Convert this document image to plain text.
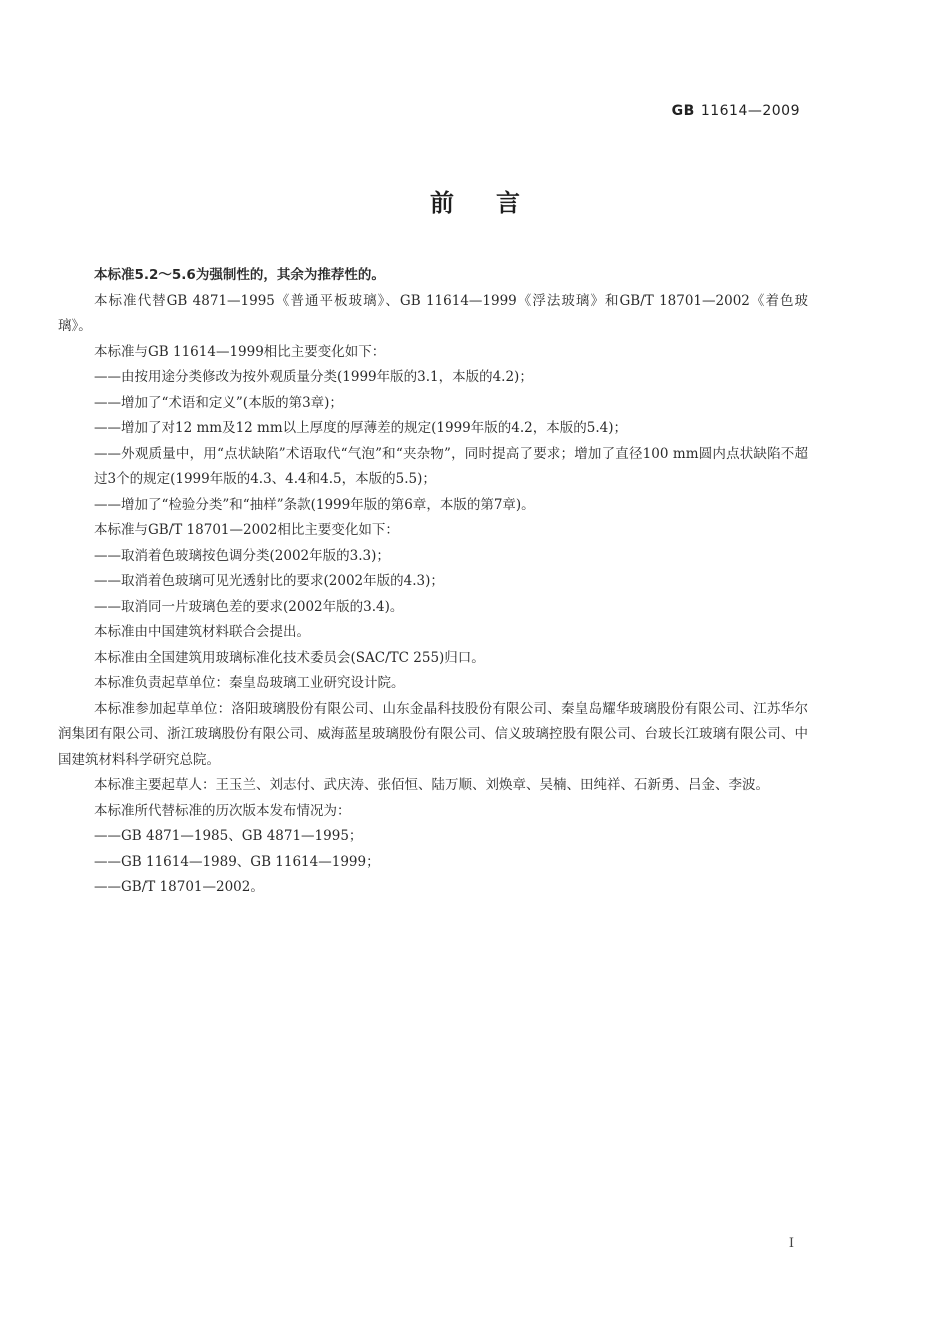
GB 11614—2009
前言

本标准5.2～5.6为强制性的，其余为推荐性的。

本标准代替GB 4871—1995《普通平板玻璃》、GB 11614—1999《浮法玻璃》和GB/T 18701—2002《着色玻璃》。

本标准与GB 11614—1999相比主要变化如下：

——由按用途分类修改为按外观质量分类(1999年版的3.1，本版的4.2)；

——增加了“术语和定义”(本版的第3章)；

——增加了对12 mm及12 mm以上厚度的厚薄差的规定(1999年版的4.2，本版的5.4)；

——外观质量中，用“点状缺陷”术语取代“气泡”和“夹杂物”，同时提高了要求；增加了直径100 mm圆内点状缺陷不超过3个的规定(1999年版的4.3、4.4和4.5，本版的5.5)；

——增加了“检验分类”和“抽样”条款(1999年版的第6章，本版的第7章)。

本标准与GB/T 18701—2002相比主要变化如下：

——取消着色玻璃按色调分类(2002年版的3.3)；

——取消着色玻璃可见光透射比的要求(2002年版的4.3)；

——取消同一片玻璃色差的要求(2002年版的3.4)。

本标准由中国建筑材料联合会提出。

本标准由全国建筑用玻璃标准化技术委员会(SAC/TC 255)归口。

本标准负责起草单位：秦皇岛玻璃工业研究设计院。

本标准参加起草单位：洛阳玻璃股份有限公司、山东金晶科技股份有限公司、秦皇岛耀华玻璃股份有限公司、江苏华尔润集团有限公司、浙江玻璃股份有限公司、威海蓝星玻璃股份有限公司、信义玻璃控股有限公司、台玻长江玻璃有限公司、中国建筑材料科学研究总院。

本标准主要起草人：王玉兰、刘志付、武庆涛、张佰恒、陆万顺、刘焕章、吴楠、田纯祥、石新勇、吕金、李波。

本标准所代替标准的历次版本发布情况为：

——GB 4871—1985、GB 4871—1995；

——GB 11614—1989、GB 11614—1999；

——GB/T 18701—2002。

I
